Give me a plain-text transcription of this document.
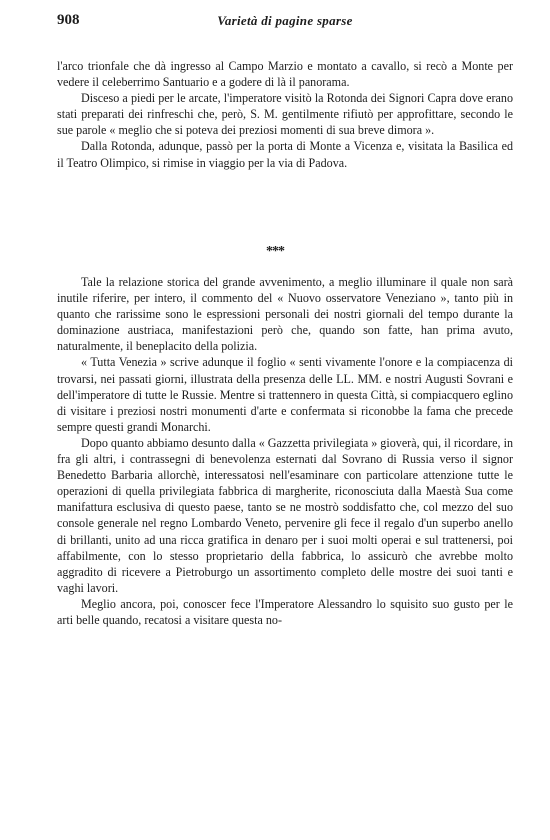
908	Varietà di pagine sparse

l'arco trionfale che dà ingresso al Campo Marzio e montato a cavallo, si recò a Monte per vedere il celeberrimo Santuario e a godere di là il panorama.

Disceso a piedi per le arcate, l'imperatore visitò la Rotonda dei Signori Capra dove erano stati preparati dei rinfreschi che, però, S. M. gentilmente rifiutò per approfittare, secondo le sue parole « meglio che si poteva dei preziosi momenti di sua breve dimora ».

Dalla Rotonda, adunque, passò per la porta di Monte a Vicenza e, visitata la Basilica ed il Teatro Olimpico, si rimise in viaggio per la via di Padova.

***

Tale la relazione storica del grande avvenimento, a meglio illuminare il quale non sarà inutile riferire, per intero, il commento del « Nuovo osservatore Veneziano », tanto più in quanto che rarissime sono le espressioni personali dei nostri giornali del tempo durante la dominazione austriaca, manifestazioni però che, quando son fatte, han prima avuto, naturalmente, il beneplacito della polizia.

« Tutta Venezia » scrive adunque il foglio « senti vivamente l'onore e la compiacenza di trovarsi, nei passati giorni, illustrata della presenza delle LL. MM. e nostri Augusti Sovrani e dell'imperatore di tutte le Russie. Mentre si trattennero in questa Città, si compiacquero eglino di visitare i preziosi nostri monumenti d'arte e confermata si riconobbe la fama che precede sempre questi grandi Monarchi.

Dopo quanto abbiamo desunto dalla « Gazzetta privilegiata » gioverà, qui, il ricordare, in fra gli altri, i contrassegni di benevolenza esternati dal Sovrano di Russia verso il signor Benedetto Barbaria allorchè, interessatosi nell'esaminare con particolare attenzione tutte le operazioni di quella privilegiata fabbrica di margherite, riconosciuta dalla Maestà Sua come manifattura esclusiva di questo paese, tanto se ne mostrò soddisfatto che, col mezzo del suo console generale nel regno Lombardo Veneto, pervenire gli fece il regalo d'un superbo anello di brillanti, unito ad una ricca gratifica in denaro per i suoi molti operai e sul trattenersi, poi affabilmente, con lo stesso proprietario della fabbrica, lo assicurò che avrebbe molto aggradito di ricevere a Pietroburgo un assortimento completo delle mostre dei suoi tanti e vaghi lavori.

Meglio ancora, poi, conoscer fece l'Imperatore Alessandro lo squisito suo gusto per le arti belle quando, recatosi a visitare questa no-
